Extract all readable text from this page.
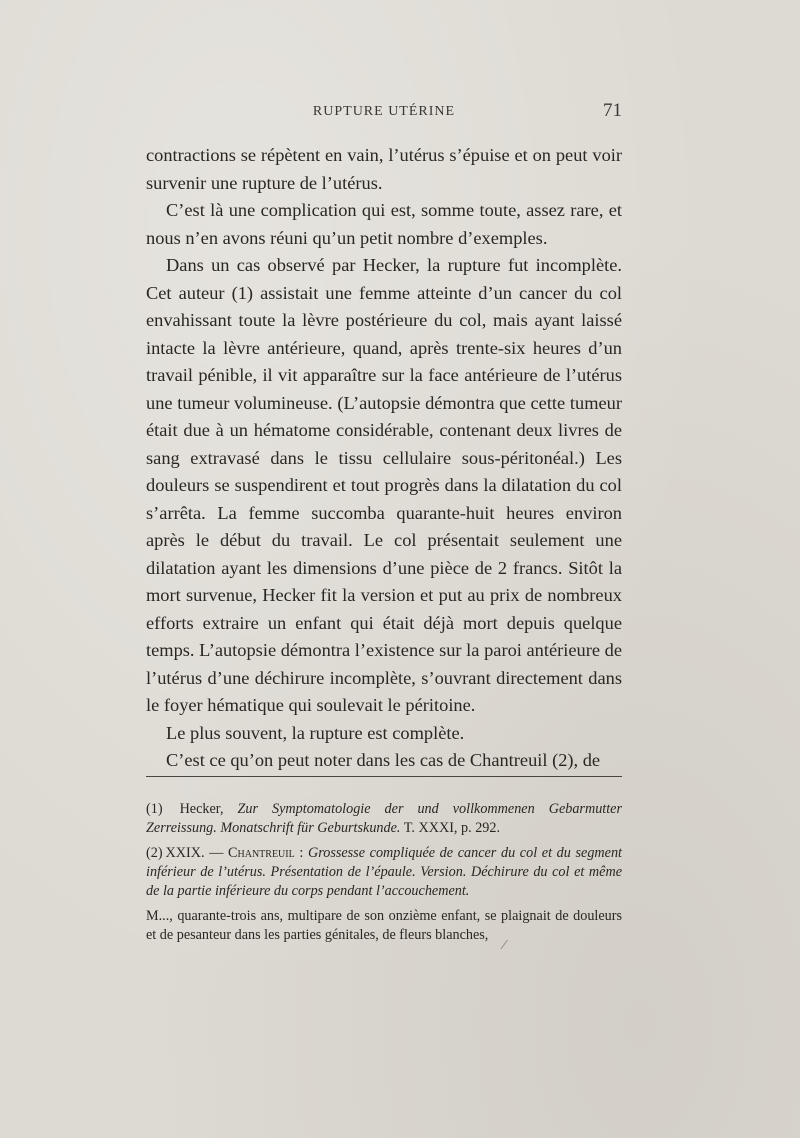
RUPTURE UTÉRINE	71

contractions se répètent en vain, l’utérus s’épuise et on peut voir survenir une rupture de l’utérus.

C’est là une complication qui est, somme toute, assez rare, et nous n’en avons réuni qu’un petit nombre d’exemples.

Dans un cas observé par Hecker, la rupture fut incomplète. Cet auteur (1) assistait une femme atteinte d’un cancer du col envahissant toute la lèvre postérieure du col, mais ayant laissé intacte la lèvre antérieure, quand, après trente-six heures d’un travail pénible, il vit apparaître sur la face antérieure de l’utérus une tumeur volumineuse. (L’autopsie démontra que cette tumeur était due à un hématome considérable, contenant deux livres de sang extravasé dans le tissu cellulaire sous-péritonéal.) Les douleurs se suspendirent et tout progrès dans la dilatation du col s’arrêta. La femme succomba quarante-huit heures environ après le début du travail. Le col présentait seulement une dilatation ayant les dimensions d’une pièce de 2 francs. Sitôt la mort survenue, Hecker fit la version et put au prix de nombreux efforts extraire un enfant qui était déjà mort depuis quelque temps. L’autopsie démontra l’existence sur la paroi antérieure de l’utérus d’une déchirure incomplète, s’ouvrant directement dans le foyer hématique qui soulevait le péritoine.

Le plus souvent, la rupture est complète.

C’est ce qu’on peut noter dans les cas de Chantreuil (2), de

(1) Hecker, Zur Symptomatologie der und vollkommenen Gebarmutter Zerreissung. Monatschrift für Geburtskunde. T. XXXI, p. 292.

(2) XXIX. — Chantreuil : Grossesse compliquée de cancer du col et du segment inférieur de l’utérus. Présentation de l’épaule. Version. Déchirure du col et même de la partie inférieure du corps pendant l’accouchement.

M..., quarante-trois ans, multipare de son onzième enfant, se plaignait de douleurs et de pesanteur dans les parties génitales, de fleurs blanches,

⁄
